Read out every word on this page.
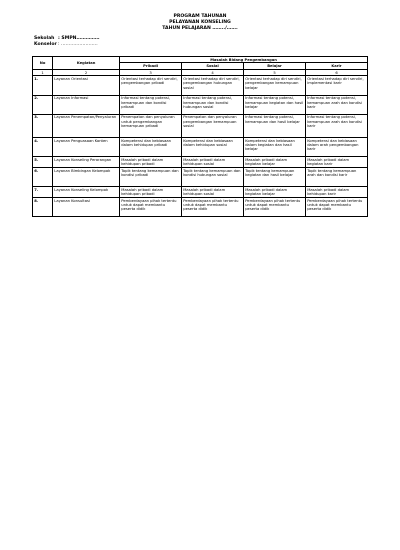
PROGRAM TAHUNAN
PELAYANAN KONSELING
TAHUN PELAJARAN ……../…….
Sekolah : SMPN……………
Konselor : ……………………
No	Kegiatan	Masalah Bidang Pengembangan			
		Pribadi	Sosial	Belajar	Karir
1	2	3	4	5	6
1.	Layanan Orientasi	Orientasi terhadap diri sendiri, pengembangan pribadi	Orientasi terhadap diri sendiri, pengembangan hubungan sosial	Orientasi terhadap diri sendiri, pengembangan kemampuan belajar	Orientasi terhadap diri sendiri, implementasi karir
2.	Layanan Informasi	Informasi tentang potensi, kemampuan dan kondisi pribadi	Informasi tentang potensi, kemampuan dan kondisi hubungan sosial	Informasi tentang potensi, kemampuan kegiatan dan hasil belajar	Informasi tentang potensi, kemampuan arah dan kondisi karir
3.	Layanan Penempatan/Penyaluran	Penempatan dan penyaluran untuk pengembangan kemampuan pribadi	Penempatan dan penyaluran pengembangan kemampuan sosial	Informasi tentang potensi, kemampuan dan hasil belajar	Informasi tentang potensi, kemampuan arah dan kondisi karir
4.	Layanan Penguasaan Konten	Kompetensi dan kebiasaan dalam kehidupan pribadi	Kompetensi dan kebiasaan dalam kehidupan sosial	Kompetensi dan kebiasaan dalam kegiatan dan hasil belajar	Kompetensi dan kebiasaan dalam arah pengembangan karir
5.	Layanan Konseling Perorangan	Masalah pribadi dalam kehidupan pribadi	Masalah pribadi dalam kehidupan sosial	Masalah pribadi dalam kegiatan belajar	Masalah pribadi dalam kegiatan karir
6.	Layanan Bimbingan Kelompok	Topik tentang kemampuan dan kondisi pribadi	Topik tentang kemampuan dan kondisi hubungan sosial	Topik tentang kemampuan kegiatan dan hasil belajar	Topik tentang kemampuan arah dan kondisi karir
7.	Layanan Konseling Kelompok	Masalah pribadi dalam kehidupan pribadi	Masalah pribadi dalam kehidupan sosial	Masalah pribadi dalam kegiatan belajar	Masalah pribadi dalam kehidupan karir
8.	Layanan Konsultasi	Pemberdayaan pihak tertentu untuk dapat membantu peserta didik	Pemberdayaan pihak tertentu untuk dapat membantu peserta didik	Pemberdayaan pihak tertentu untuk dapat membantu peserta didik	Pemberdayaan pihak tertentu untuk dapat membantu peserta didik
